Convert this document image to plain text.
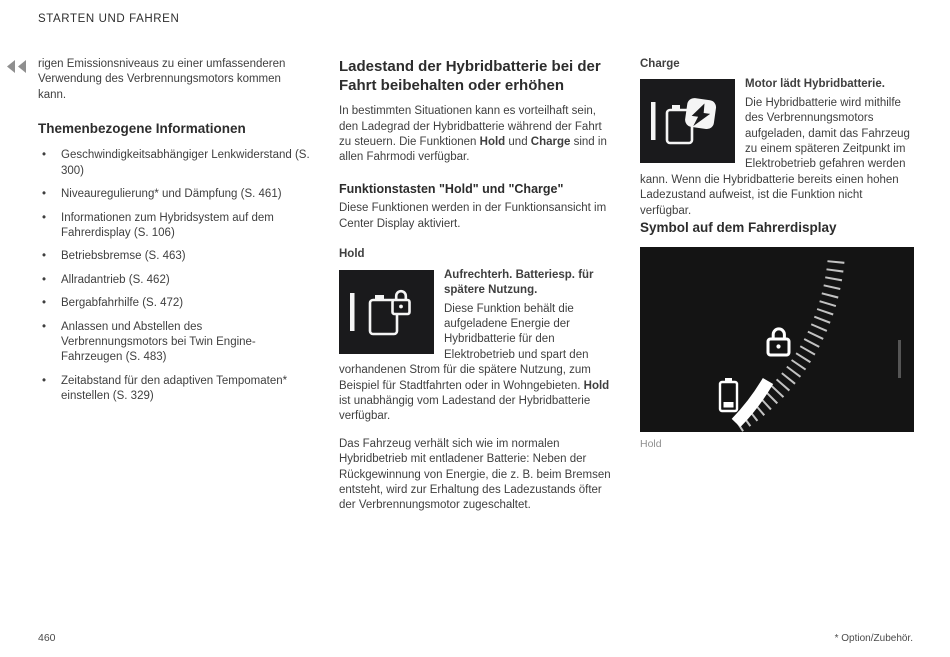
STARTEN UND FAHREN

rigen Emissionsniveaus zu einer umfassenderen Verwendung des Verbrennungsmotors kommen kann.

Themenbezogene Informationen
• Geschwindigkeitsabhängiger Lenkwiderstand (S. 300)
• Niveauregulierung* und Dämpfung (S. 461)
• Informationen zum Hybridsystem auf dem Fahrerdisplay (S. 106)
• Betriebsbremse (S. 463)
• Allradantrieb (S. 462)
• Bergabfahrhilfe (S. 472)
• Anlassen und Abstellen des Verbrennungsmotors bei Twin Engine-Fahrzeugen (S. 483)
• Zeitabstand für den adaptiven Tempomaten* einstellen (S. 329)
Ladestand der Hybridbatterie bei der Fahrt beibehalten oder erhöhen

In bestimmten Situationen kann es vorteilhaft sein, den Ladegrad der Hybridbatterie während der Fahrt zu steuern. Die Funktionen Hold und Charge sind in allen Fahrmodi verfügbar.

Funktionstasten "Hold" und "Charge"

Diese Funktionen werden in der Funktionsansicht im Center Display aktiviert.

Hold

Aufrechterh. Batteriesp. für spätere Nutzung.

Diese Funktion behält die aufgeladene Energie der Hybridbatterie für den Elektrobetrieb und spart den vorhandenen Strom für die spätere Nutzung, zum Beispiel für Stadtfahrten oder in Wohngebieten. Hold ist unabhängig vom Ladestand der Hybridbatterie verfügbar.

Das Fahrzeug verhält sich wie im normalen Hybridbetrieb mit entladener Batterie: Neben der Rückgewinnung von Energie, die z. B. beim Bremsen entsteht, wird zur Erhaltung des Ladezustands öfter der Verbrennungsmotor zugeschaltet.

Charge

Motor lädt Hybridbatterie.

Die Hybridbatterie wird mithilfe des Verbrennungsmotors aufgeladen, damit das Fahrzeug zu einem späteren Zeitpunkt im Elektrobetrieb gefahren werden kann. Wenn die Hybridbatterie bereits einen hohen Ladezustand aufweist, ist die Funktion nicht verfügbar.

Symbol auf dem Fahrerdisplay

Hold

460	* Option/Zubehör.
